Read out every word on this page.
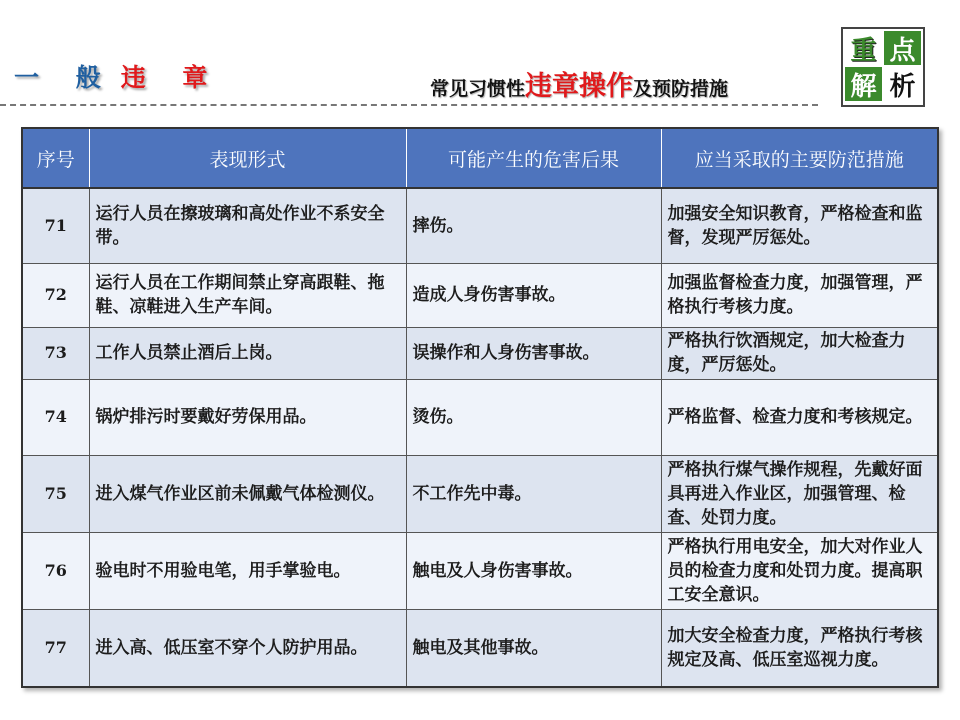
一 般 违 章	常见习惯性违章操作及预防措施
重 点
解 析
序号	表现形式	可能产生的危害后果	应当采取的主要防范措施
71	运行人员在擦玻璃和高处作业不系安全带。	摔伤。	加强安全知识教育，严格检查和监督，发现严厉惩处。
72	运行人员在工作期间禁止穿高跟鞋、拖鞋、凉鞋进入生产车间。	造成人身伤害事故。	加强监督检查力度，加强管理，严格执行考核力度。
73	工作人员禁止酒后上岗。	误操作和人身伤害事故。	严格执行饮酒规定，加大检查力度，严厉惩处。
74	锅炉排污时要戴好劳保用品。	烫伤。	严格监督、检查力度和考核规定。
75	进入煤气作业区前未佩戴气体检测仪。	不工作先中毒。	严格执行煤气操作规程，先戴好面具再进入作业区，加强管理、检查、处罚力度。
76	验电时不用验电笔，用手掌验电。	触电及人身伤害事故。	严格执行用电安全，加大对作业人员的检查力度和处罚力度。提高职工安全意识。
77	进入高、低压室不穿个人防护用品。	触电及其他事故。	加大安全检查力度，严格执行考核规定及高、低压室巡视力度。
